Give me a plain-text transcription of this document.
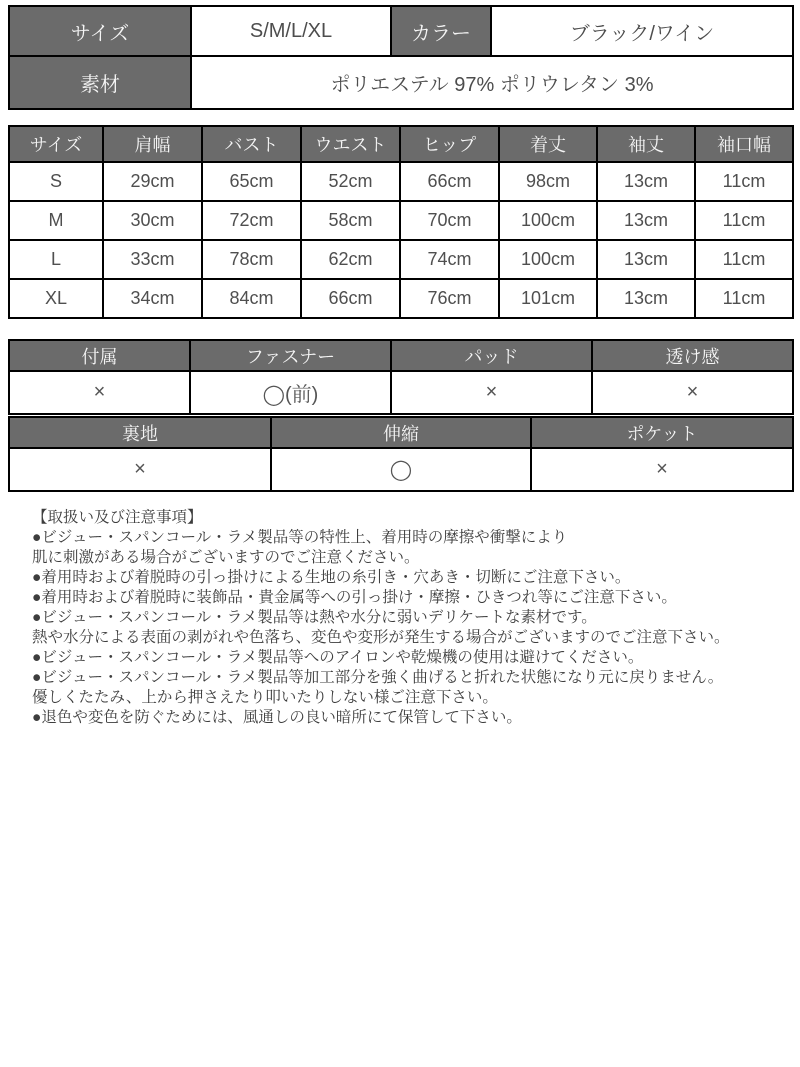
サイズ	S/M/L/XL	カラー	ブラック/ワイン
素材	ポリエステル 97% ポリウレタン 3%		
サイズ	肩幅	バスト	ウエスト	ヒップ	着丈	袖丈	袖口幅
S	29cm	65cm	52cm	66cm	98cm	13cm	11cm
M	30cm	72cm	58cm	70cm	100cm	13cm	11cm
L	33cm	78cm	62cm	74cm	100cm	13cm	11cm
XL	34cm	84cm	66cm	76cm	101cm	13cm	11cm
付属	ファスナー	パッド	透け感
×	◯(前)	×	×
裏地	伸縮	ポケット
×	◯	×
【取扱い及び注意事項】
●ビジュー・スパンコール・ラメ製品等の特性上、着用時の摩擦や衝撃により
肌に刺激がある場合がございますのでご注意ください。
●着用時および着脱時の引っ掛けによる生地の糸引き・穴あき・切断にご注意下さい。
●着用時および着脱時に装飾品・貴金属等への引っ掛け・摩擦・ひきつれ等にご注意下さい。
●ビジュー・スパンコール・ラメ製品等は熱や水分に弱いデリケートな素材です。
熱や水分による表面の剥がれや色落ち、変色や変形が発生する場合がございますのでご注意下さい。
●ビジュー・スパンコール・ラメ製品等へのアイロンや乾燥機の使用は避けてください。
●ビジュー・スパンコール・ラメ製品等加工部分を強く曲げると折れた状態になり元に戻りません。
優しくたたみ、上から押さえたり叩いたりしない様ご注意下さい。
●退色や変色を防ぐためには、風通しの良い暗所にて保管して下さい。
